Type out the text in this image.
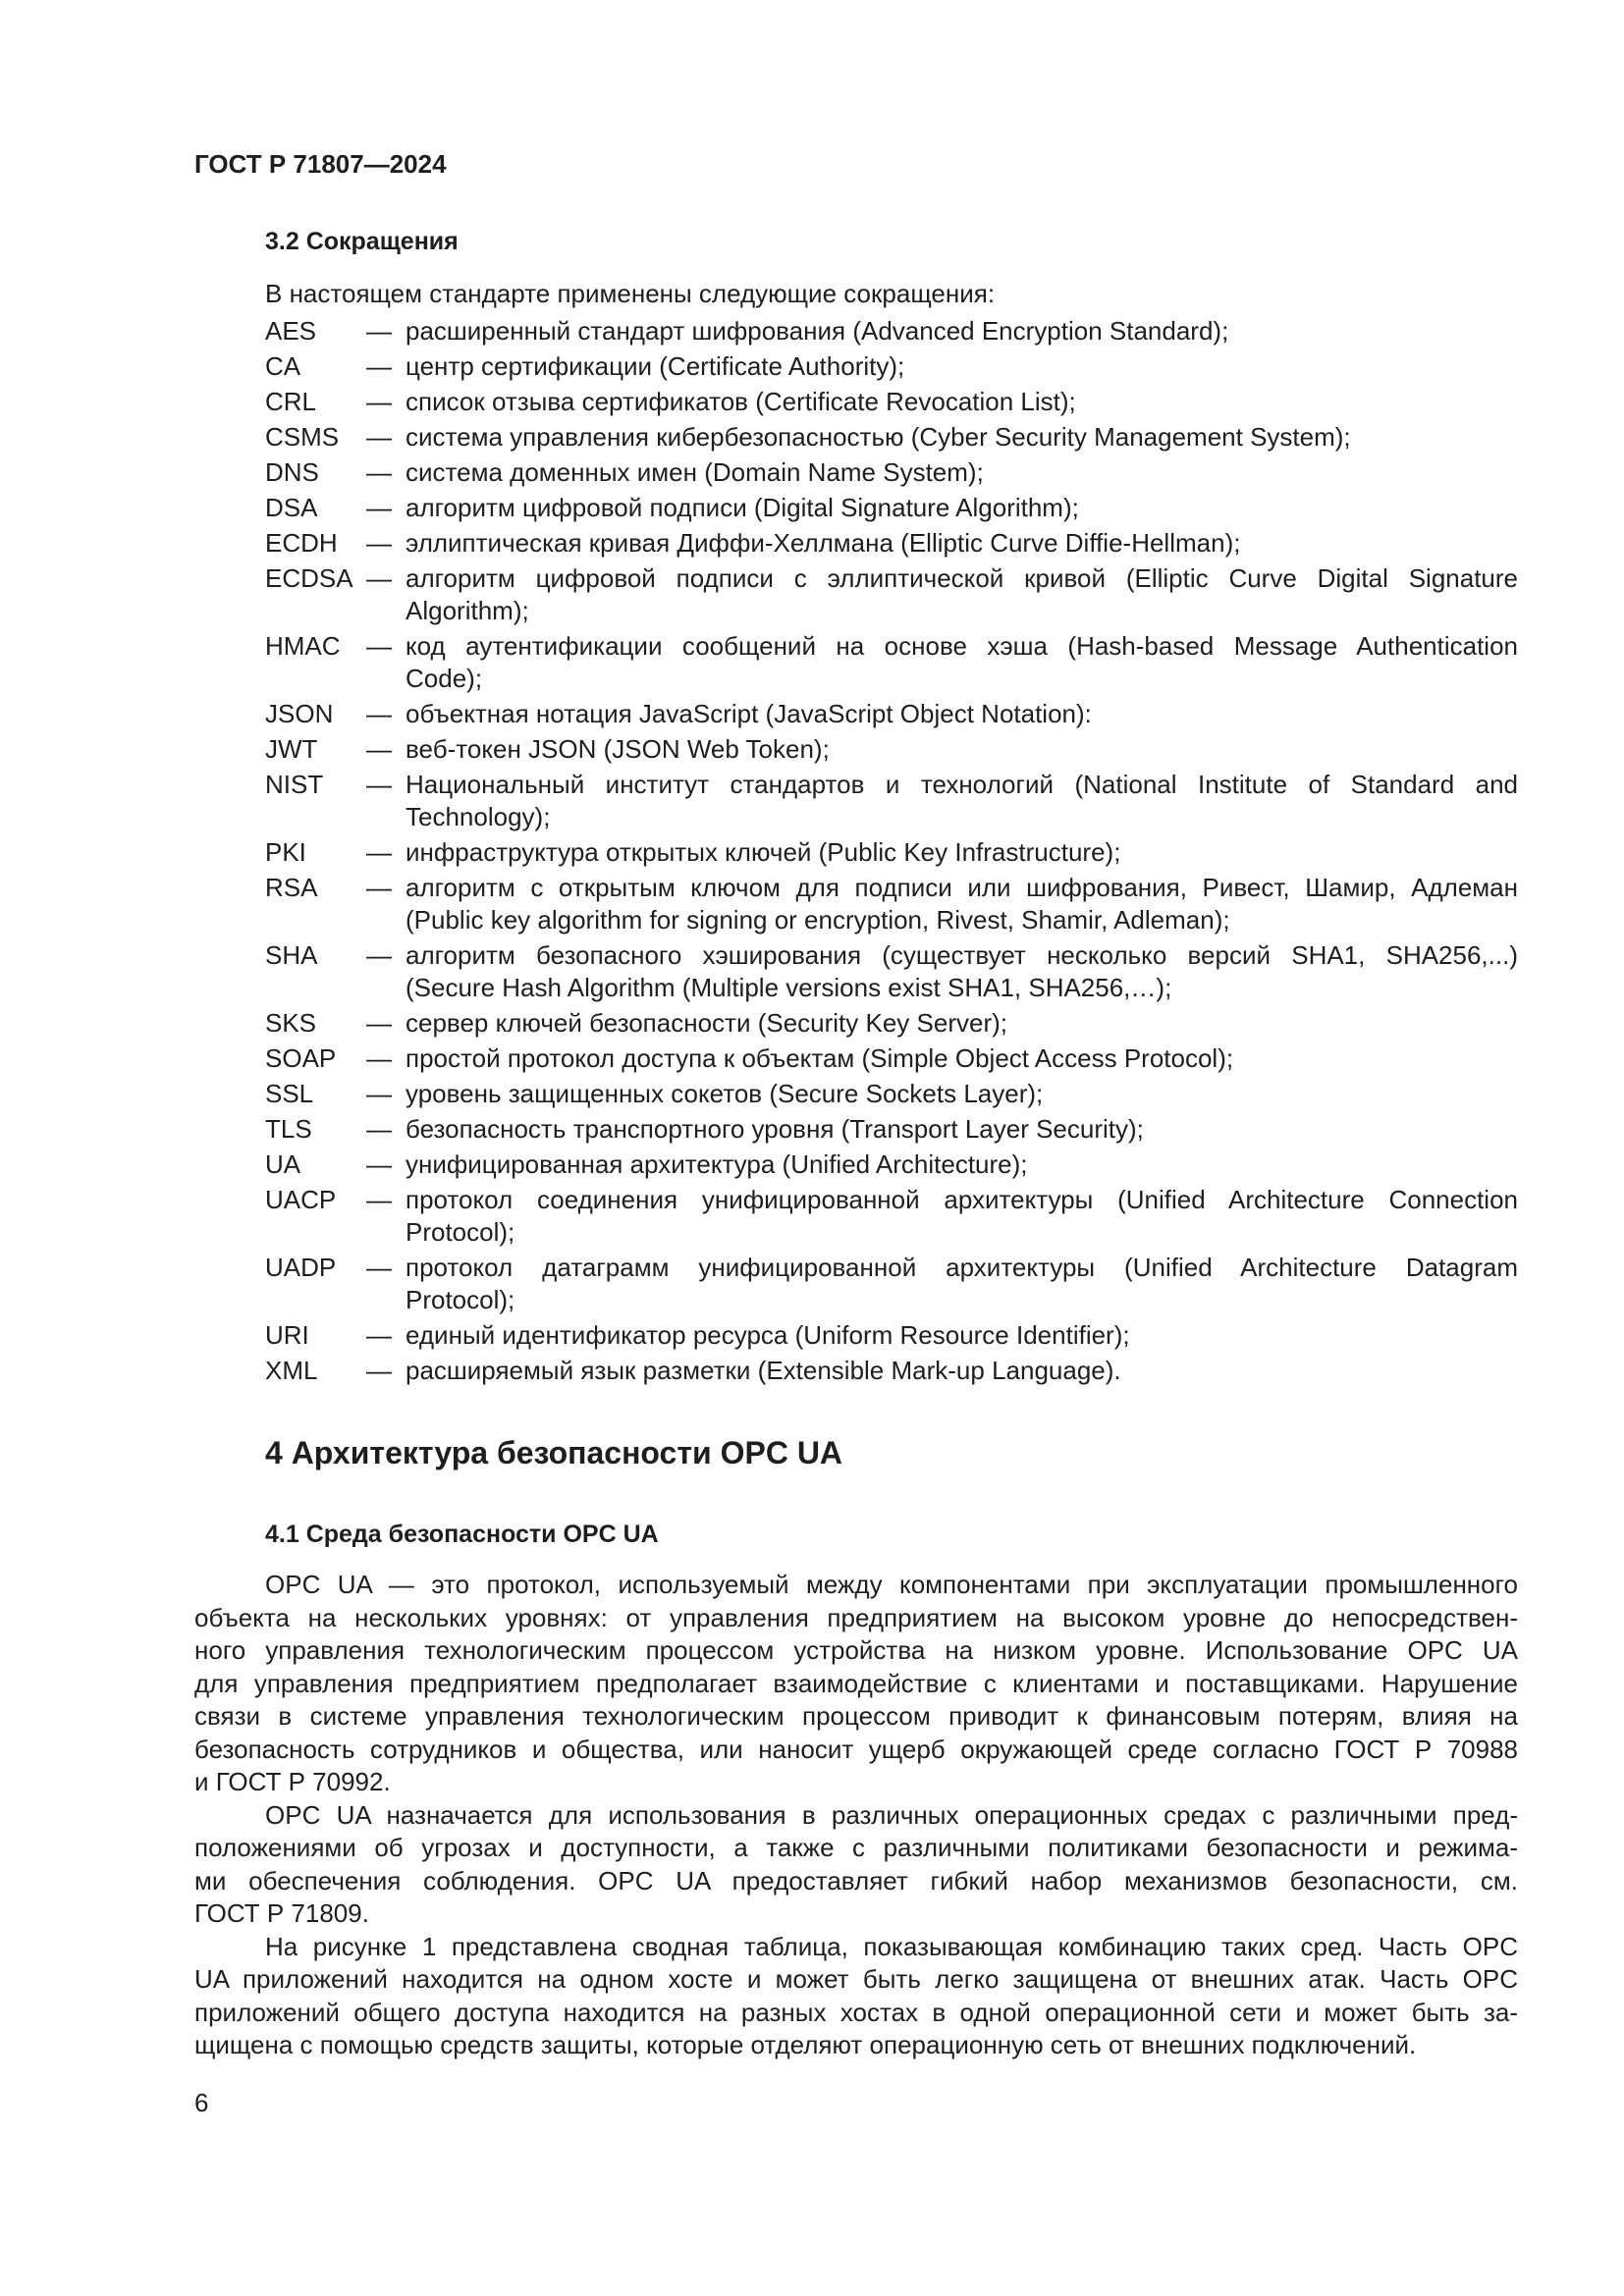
ГОСТ Р 71807—2024
3.2 Сокращения
В настоящем стандарте применены следующие сокращения:
AES	— расширенный стандарт шифрования (Advanced Encryption Standard);
CA	— центр сертификации (Certificate Authority);
CRL	— список отзыва сертификатов (Certificate Revocation List);
CSMS	— система управления кибербезопасностью (Cyber Security Management System);
DNS	— система доменных имен (Domain Name System);
DSA	— алгоритм цифровой подписи (Digital Signature Algorithm);
ECDH	— эллиптическая кривая Диффи-Хеллмана (Elliptic Curve Diffie-Hellman);
ECDSA — алгоритм цифровой подписи с эллиптической кривой (Elliptic Curve Digital Signature
Algorithm);
HMAC	— код аутентификации сообщений на основе хэша (Hash-based Message Authentication
Code);
JSON	— объектная нотация JavaScript (JavaScript Object Notation):
JWT	— веб-токен JSON (JSON Web Token);
NIST	— Национальный институт стандартов и технологий (National Institute of Standard and
Technology);
PKI	— инфраструктура открытых ключей (Public Key Infrastructure);
RSA	— алгоритм с открытым ключом для подписи или шифрования, Ривест, Шамир, Адлеман
(Public key algorithm for signing or encryption, Rivest, Shamir, Adleman);
SHA	— алгоритм безопасного хэширования (существует несколько версий SHA1, SHA256,...)
(Secure Hash Algorithm (Multiple versions exist SHA1, SHA256,…);
SKS	— сервер ключей безопасности (Security Key Server);
SOAP	— простой протокол доступа к объектам (Simple Object Access Protocol);
SSL	— уровень защищенных сокетов (Secure Sockets Layer);
TLS	— безопасность транспортного уровня (Transport Layer Security);
UA	— унифицированная архитектура (Unified Architecture);
UACP	— протокол соединения унифицированной архитектуры (Unified Architecture Connection
Protocol);
UADP	— протокол датаграмм унифицированной архитектуры (Unified Architecture Datagram
Protocol);
URI	— единый идентификатор ресурса (Uniform Resource Identifier);
XML	— расширяемый язык разметки (Extensible Mark-up Language).
4 Архитектура безопасности OPC UA
4.1 Среда безопасности OPC UA
OPC UA — это протокол, используемый между компонентами при эксплуатации промышленного
объекта на нескольких уровнях: от управления предприятием на высоком уровне до непосредствен-
ного управления технологическим процессом устройства на низком уровне. Использование OPC UA
для управления предприятием предполагает взаимодействие с клиентами и поставщиками. Нарушение
связи в системе управления технологическим процессом приводит к финансовым потерям, влияя на
безопасность сотрудников и общества, или наносит ущерб окружающей среде согласно ГОСТ Р 70988
и ГОСТ Р 70992.
OPC UA назначается для использования в различных операционных средах с различными пред-
положениями об угрозах и доступности, а также с различными политиками безопасности и режима-
ми обеспечения соблюдения. OPC UA предоставляет гибкий набор механизмов безопасности, см.
ГОСТ Р 71809.
На рисунке 1 представлена сводная таблица, показывающая комбинацию таких сред. Часть OPC
UA приложений находится на одном хосте и может быть легко защищена от внешних атак. Часть OPC
приложений общего доступа находится на разных хостах в одной операционной сети и может быть за-
щищена с помощью средств защиты, которые отделяют операционную сеть от внешних подключений.
6
